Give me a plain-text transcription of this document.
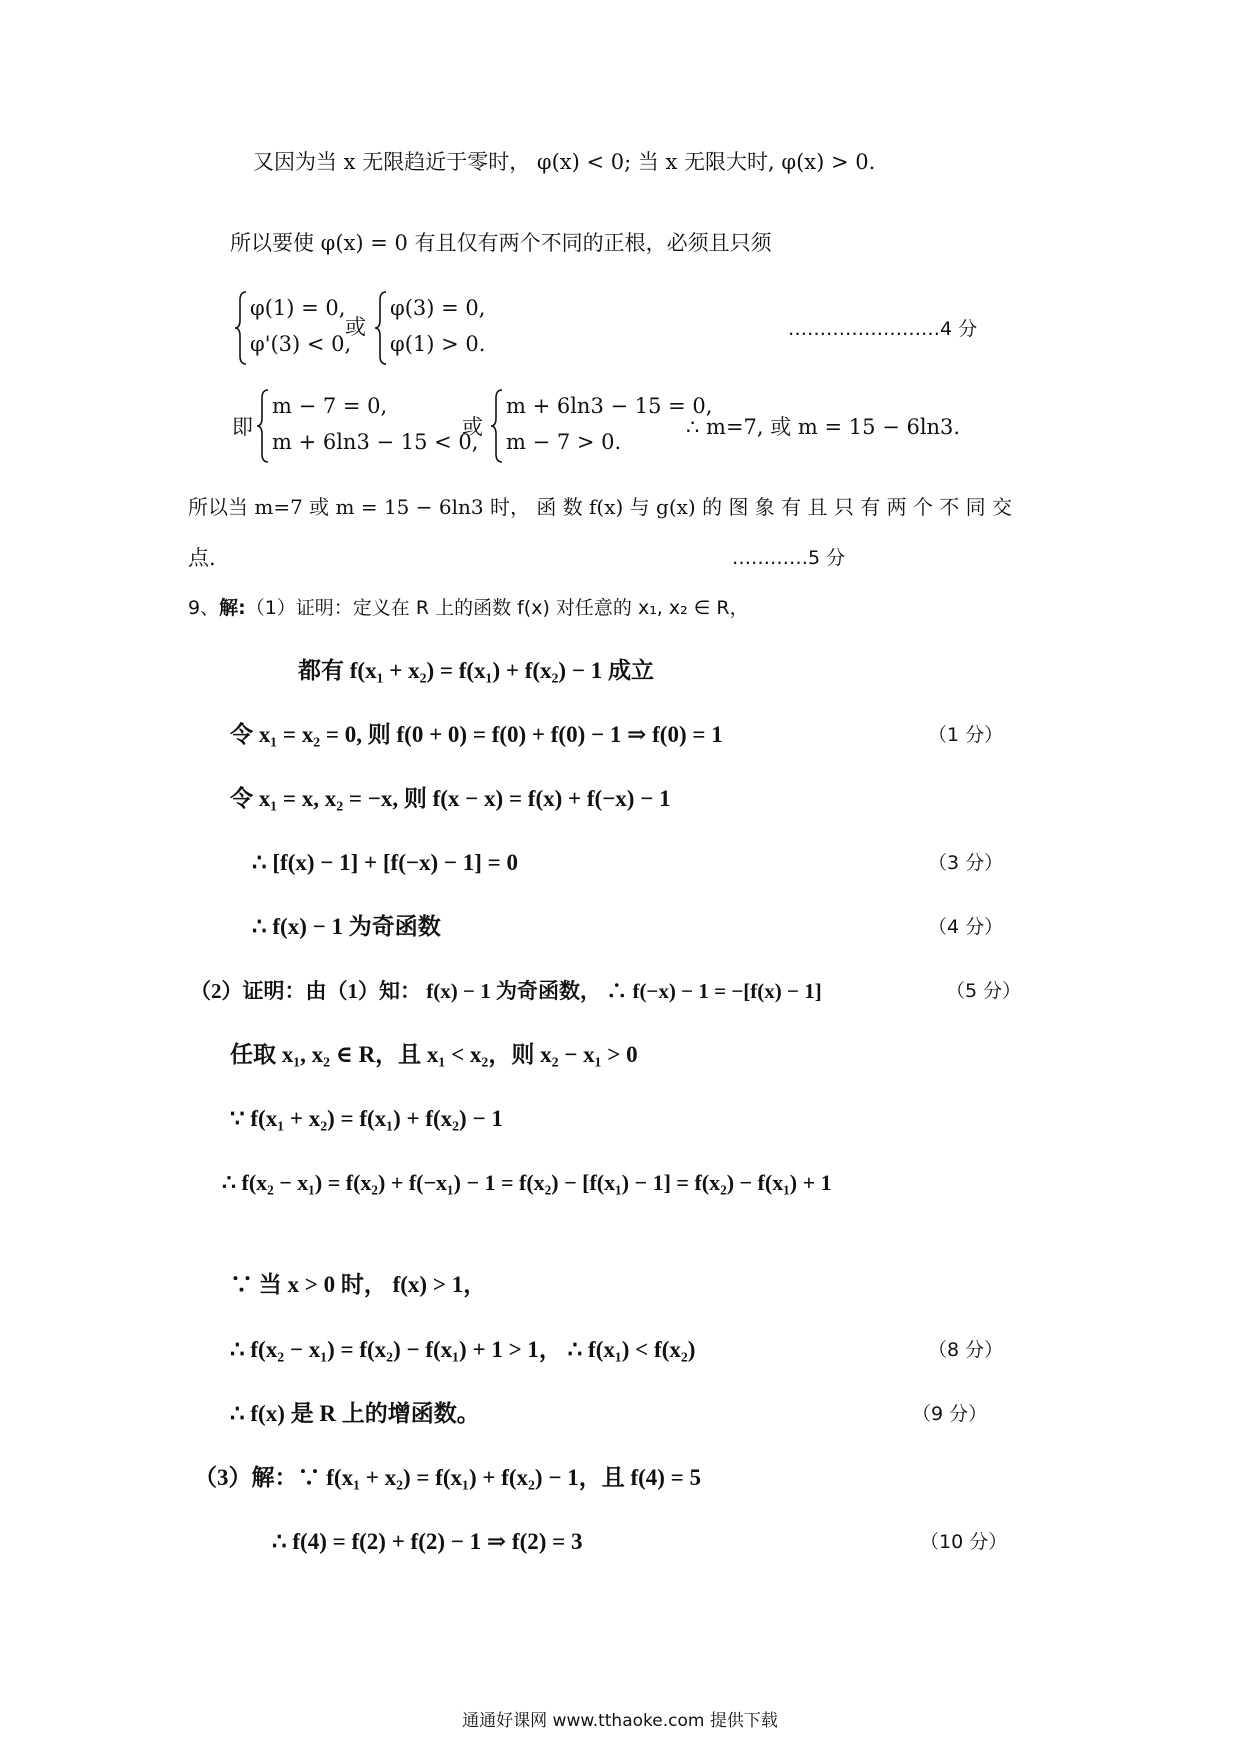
又因为当 x 无限趋近于零时， φ(x) < 0; 当 x 无限大时, φ(x) > 0.
所以要使 φ(x) = 0 有且仅有两个不同的正根，必须且只须
φ(1) = 0,
φ'(3) < 0,
或
φ(3) = 0,
φ(1) > 0.
……………………4 分
即
m − 7 = 0,
m + 6ln3 − 15 < 0,
或
m + 6ln3 − 15 = 0,
m − 7 > 0.
∴ m=7, 或 m = 15 − 6ln3.
所以当 m=7 或 m = 15 − 6ln3 时， 函 数 f(x) 与 g(x) 的 图 象 有 且 只 有 两 个 不 同 交
点.	…………5 分
9、解:（1）证明：定义在 R 上的函数 f(x) 对任意的 x₁, x₂ ∈ R，
都有 f(x₁ + x₂) = f(x₁) + f(x₂) − 1 成立
令 x₁ = x₂ = 0, 则 f(0 + 0) = f(0) + f(0) − 1 ⇒ f(0) = 1	（1 分）
令 x₁ = x, x₂ = −x, 则 f(x − x) = f(x) + f(−x) − 1
∴ [f(x) − 1] + [f(−x) − 1] = 0	（3 分）
∴ f(x) − 1 为奇函数	（4 分）
（2）证明：由（1）知： f(x) − 1 为奇函数， ∴ f(−x) − 1 = −[f(x) − 1]	（5 分）
任取 x₁, x₂ ∈ R，且 x₁ < x₂，则 x₂ − x₁ > 0
∵ f(x₁ + x₂) = f(x₁) + f(x₂) − 1
∴ f(x₂ − x₁) = f(x₂) + f(−x₁) − 1 = f(x₂) − [f(x₁) − 1] = f(x₂) − f(x₁) + 1
∵ 当 x > 0 时， f(x) > 1，
∴ f(x₂ − x₁) = f(x₂) − f(x₁) + 1 > 1， ∴ f(x₁) < f(x₂)	（8 分）
∴ f(x) 是 R 上的增函数。	（9 分）
（3）解：∵ f(x₁ + x₂) = f(x₁) + f(x₂) − 1，且 f(4) = 5
∴ f(4) = f(2) + f(2) − 1 ⇒ f(2) = 3	（10 分）
通通好课网 www.tthaoke.com 提供下载
